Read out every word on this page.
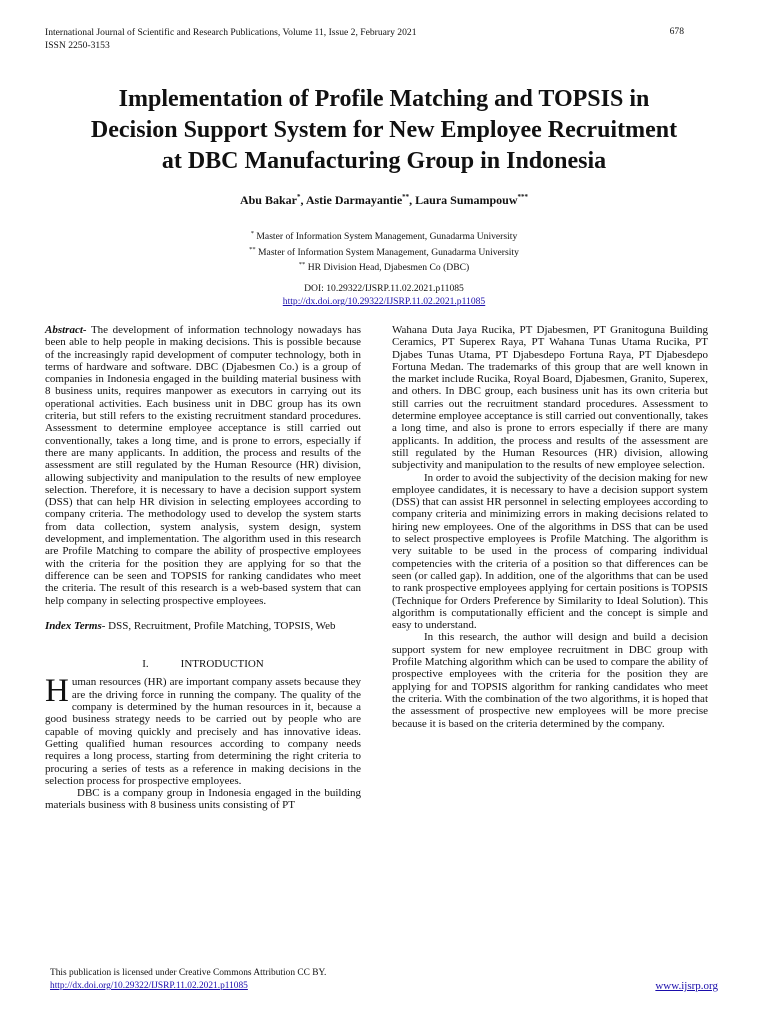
International Journal of Scientific and Research Publications, Volume 11, Issue 2, February 2021
ISSN 2250-3153
678
Implementation of Profile Matching and TOPSIS in
Decision Support System for New Employee Recruitment
at DBC Manufacturing Group in Indonesia
Abu Bakar*, Astie Darmayantie**, Laura Sumampouw***
* Master of Information System Management, Gunadarma University
** Master of Information System Management, Gunadarma University
** HR Division Head, Djabesmen Co (DBC)
DOI: 10.29322/IJSRP.11.02.2021.p11085
http://dx.doi.org/10.29322/IJSRP.11.02.2021.p11085

Abstract- The development of information technology nowadays has been able to help people in making decisions. This is possible because of the increasingly rapid development of computer technology, both in terms of hardware and software. DBC (Djabesmen Co.) is a group of companies in Indonesia engaged in the building material business with 8 business units, requires manpower as executors in carrying out its operational activities. Each business unit in DBC group has its own criteria, but still refers to the existing recruitment standard procedures. Assessment to determine employee acceptance is still carried out conventionally, takes a long time, and is prone to errors, especially if there are many applicants. In addition, the process and results of the assessment are still regulated by the Human Resource (HR) division, allowing subjectivity and manipulation to the results of new employee selection. Therefore, it is necessary to have a decision support system (DSS) that can help HR division in selecting employees according to company criteria. The methodology used to develop the system starts from data collection, system analysis, system design, system development, and implementation. The algorithm used in this research are Profile Matching to compare the ability of prospective employees with the criteria for the position they are applying for so that the difference can be seen and TOPSIS for ranking candidates who meet the criteria. The result of this research is a web-based system that can help company in selecting prospective employees.

Index Terms- DSS, Recruitment, Profile Matching, TOPSIS, Web

I.	INTRODUCTION

Human resources (HR) are important company assets because they are the driving force in running the company. The quality of the company is determined by the human resources in it, because a good business strategy needs to be carried out by people who are capable of moving quickly and precisely and has innovative ideas. Getting qualified human resources according to company needs requires a long process, starting from determining the right criteria to procuring a series of tests as a reference in making decisions in the selection process for prospective employees.

DBC is a company group in Indonesia engaged in the building materials business with 8 business units consisting of PT

Wahana Duta Jaya Rucika, PT Djabesmen, PT Granitoguna Building Ceramics, PT Superex Raya, PT Wahana Tunas Utama Rucika, PT Djabes Tunas Utama, PT Djabesdepo Fortuna Raya, PT Djabesdepo Fortuna Medan. The trademarks of this group that are well known in the market include Rucika, Royal Board, Djabesmen, Granito, Superex, and others. In DBC group, each business unit has its own criteria but still carries out the recruitment standard procedures. Assessment to determine employee acceptance is still carried out conventionally, takes a long time, and also is prone to errors especially if there are many applicants. In addition, the process and results of the assessment are still regulated by the Human Resources (HR) division, allowing subjectivity and manipulation to the results of new employee selection.

In order to avoid the subjectivity of the decision making for new employee candidates, it is necessary to have a decision support system (DSS) that can assist HR personnel in selecting employees according to company criteria and minimizing errors in making decisions related to hiring new employees. One of the algorithms in DSS that can be used to select prospective employees is Profile Matching. The algorithm is very suitable to be used in the process of comparing individual competencies with the criteria of a position so that differences can be seen (or called gap). In addition, one of the algorithms that can be used to rank prospective employees applying for certain positions is TOPSIS (Technique for Orders Preference by Similarity to Ideal Solution). This algorithm is computationally efficient and the concept is simple and easy to understand.

In this research, the author will design and build a decision support system for new employee recruitment in DBC group with Profile Matching algorithm which can be used to compare the ability of prospective employees with the criteria for the position they are applying for and TOPSIS algorithm for ranking candidates who meet the criteria. With the combination of the two algorithms, it is hoped that the assessment of prospective new employees will be more precise because it is based on the criteria determined by the company.

This publication is licensed under Creative Commons Attribution CC BY.
http://dx.doi.org/10.29322/IJSRP.11.02.2021.p11085	www.ijsrp.org
